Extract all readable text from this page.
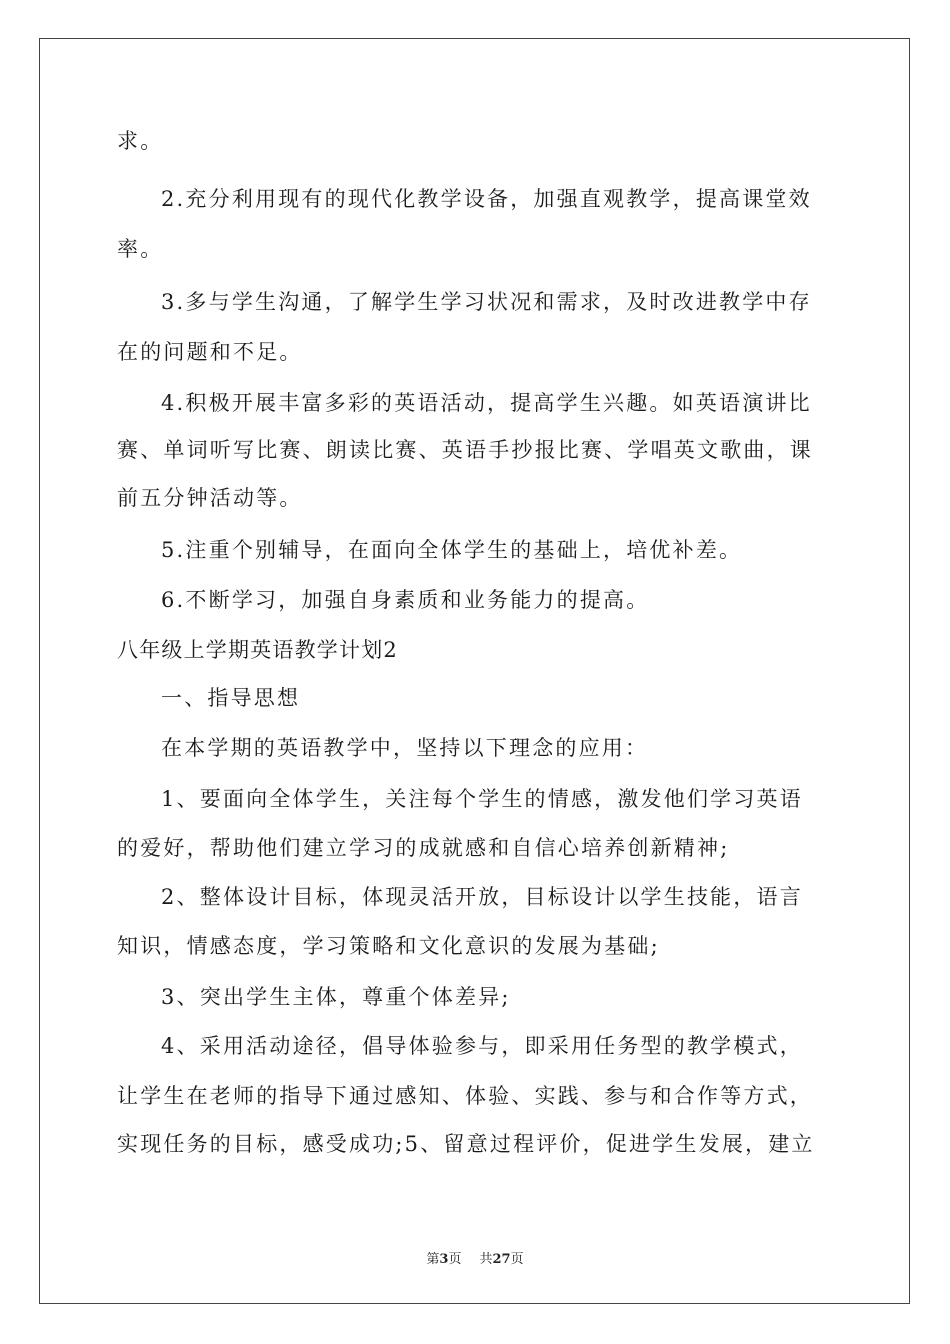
求。
2.充分利用现有的现代化教学设备，加强直观教学，提高课堂效
率。
3.多与学生沟通，了解学生学习状况和需求，及时改进教学中存
在的问题和不足。
4.积极开展丰富多彩的英语活动，提高学生兴趣。如英语演讲比
赛、单词听写比赛、朗读比赛、英语手抄报比赛、学唱英文歌曲，课
前五分钟活动等。
5.注重个别辅导，在面向全体学生的基础上，培优补差。
6.不断学习，加强自身素质和业务能力的提高。
八年级上学期英语教学计划2
一、指导思想
在本学期的英语教学中，坚持以下理念的应用：
1、要面向全体学生，关注每个学生的情感，激发他们学习英语
的爱好，帮助他们建立学习的成就感和自信心培养创新精神;
2、整体设计目标，体现灵活开放，目标设计以学生技能，语言
知识，情感态度，学习策略和文化意识的发展为基础;
3、突出学生主体，尊重个体差异;
4、采用活动途径，倡导体验参与，即采用任务型的教学模式，
让学生在老师的指导下通过感知、体验、实践、参与和合作等方式，
实现任务的目标，感受成功;5、留意过程评价，促进学生发展，建立
第3页 共27页
